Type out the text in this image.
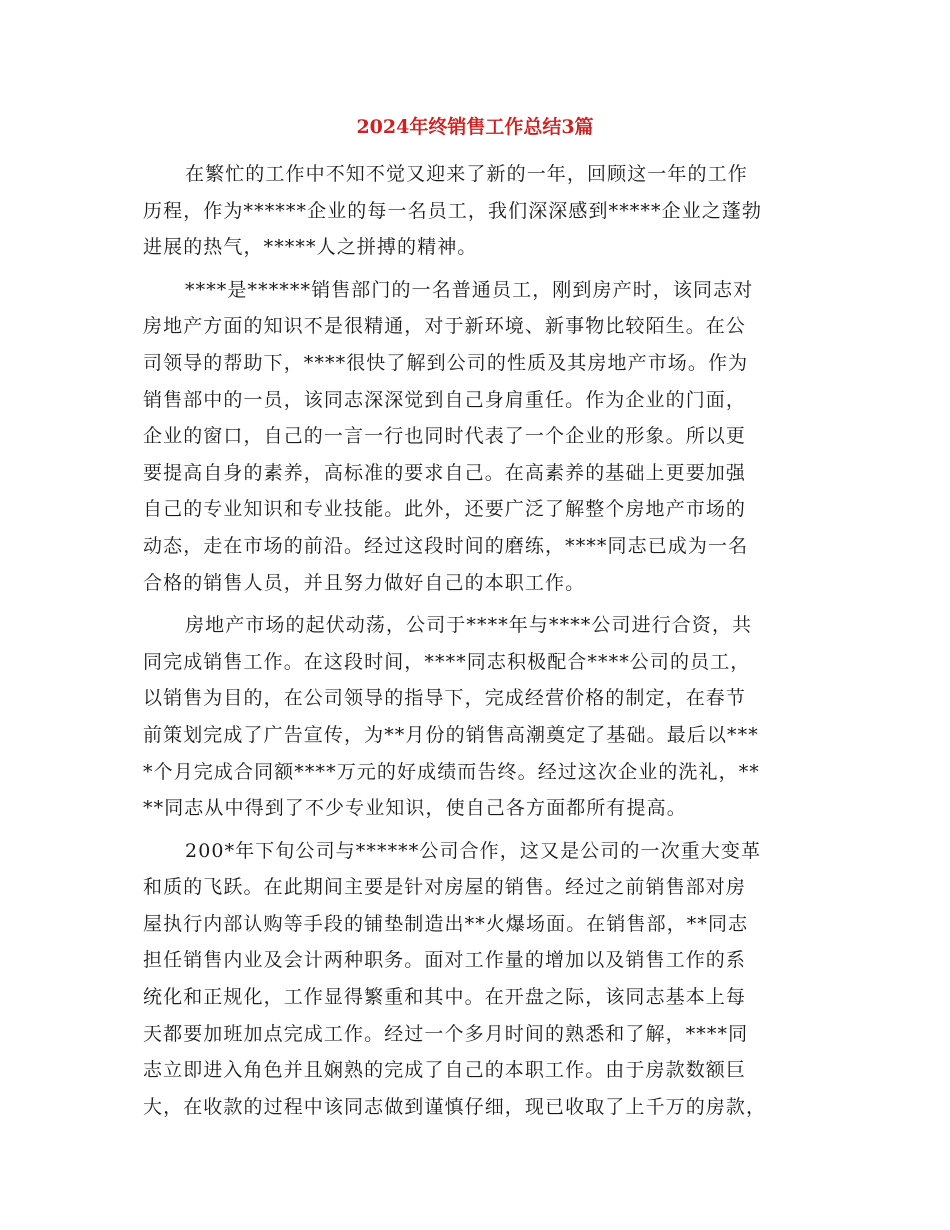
2024年终销售工作总结3篇

在繁忙的工作中不知不觉又迎来了新的一年，回顾这一年的工作
历程，作为******企业的每一名员工，我们深深感到*****企业之蓬勃
进展的热气，*****人之拼搏的精神。

****是******销售部门的一名普通员工，刚到房产时，该同志对
房地产方面的知识不是很精通，对于新环境、新事物比较陌生。在公
司领导的帮助下，****很快了解到公司的性质及其房地产市场。作为
销售部中的一员，该同志深深觉到自己身肩重任。作为企业的门面，
企业的窗口，自己的一言一行也同时代表了一个企业的形象。所以更
要提高自身的素养，高标准的要求自己。在高素养的基础上更要加强
自己的专业知识和专业技能。此外，还要广泛了解整个房地产市场的
动态，走在市场的前沿。经过这段时间的磨练，****同志已成为一名
合格的销售人员，并且努力做好自己的本职工作。

房地产市场的起伏动荡，公司于****年与****公司进行合资，共
同完成销售工作。在这段时间，****同志积极配合****公司的员工，
以销售为目的，在公司领导的指导下，完成经营价格的制定，在春节
前策划完成了广告宣传，为**月份的销售高潮奠定了基础。最后以***
*个月完成合同额****万元的好成绩而告终。经过这次企业的洗礼，**
**同志从中得到了不少专业知识，使自己各方面都所有提高。

200*年下旬公司与******公司合作，这又是公司的一次重大变革
和质的飞跃。在此期间主要是针对房屋的销售。经过之前销售部对房
屋执行内部认购等手段的铺垫制造出**火爆场面。在销售部，**同志
担任销售内业及会计两种职务。面对工作量的增加以及销售工作的系
统化和正规化，工作显得繁重和其中。在开盘之际，该同志基本上每
天都要加班加点完成工作。经过一个多月时间的熟悉和了解，****同
志立即进入角色并且娴熟的完成了自己的本职工作。由于房款数额巨
大，在收款的过程中该同志做到谨慎仔细，现已收取了上千万的房款，
